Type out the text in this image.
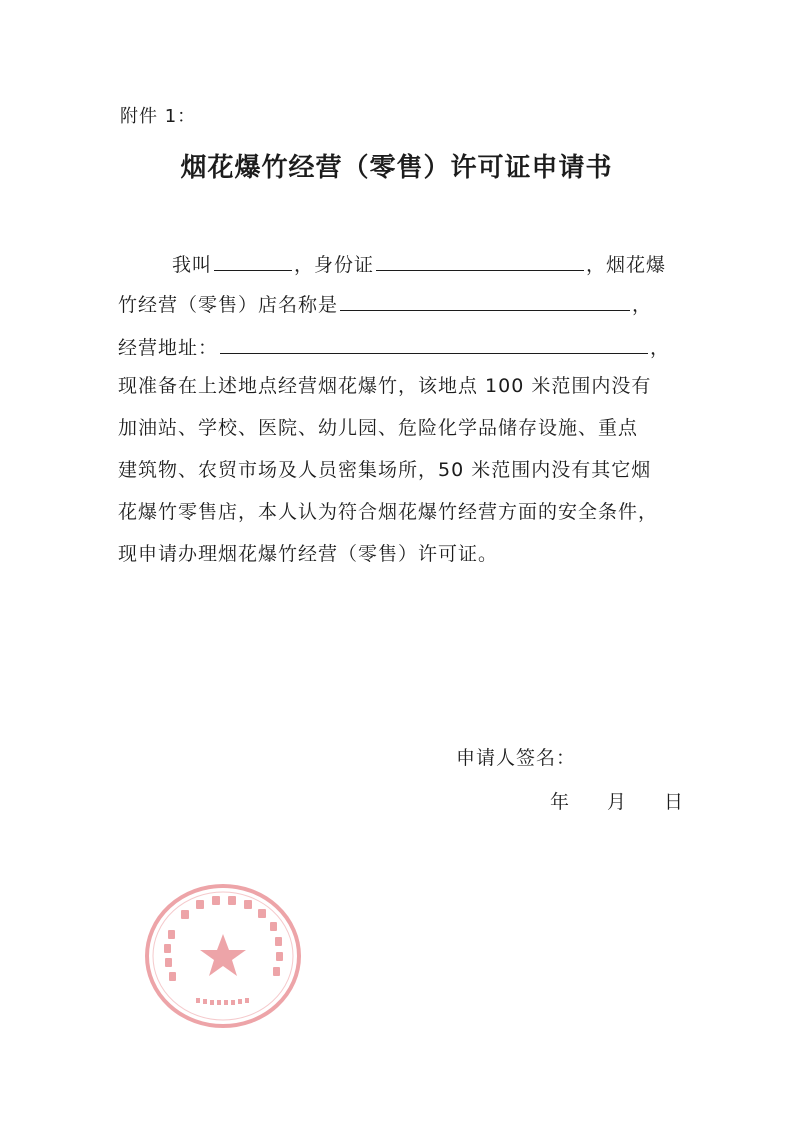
附件 1：
烟花爆竹经营（零售）许可证申请书
我叫	，身份证	，烟花爆
竹经营（零售）店名称是	，
经营地址：	，
现准备在上述地点经营烟花爆竹，该地点 100 米范围内没有
加油站、学校、医院、幼儿园、危险化学品储存设施、重点
建筑物、农贸市场及人员密集场所，50 米范围内没有其它烟
花爆竹零售店，本人认为符合烟花爆竹经营方面的安全条件，
现申请办理烟花爆竹经营（零售）许可证。
申请人签名：
年 月 日
